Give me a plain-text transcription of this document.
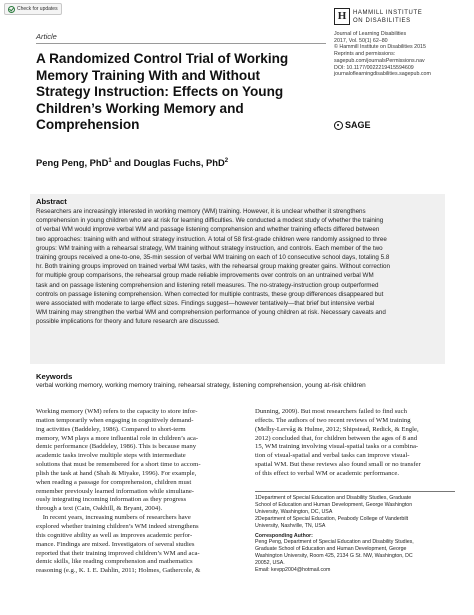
Check for updates
Article
H	HAMMILL INSTITUTE
ON DISABILITIES
Journal of Learning Disabilities
2017, Vol. 50(1) 62–80
© Hammill Institute on Disabilities 2015
Reprints and permissions:
sagepub.com/journalsPermissions.nav
DOI: 10.1177/0022219415594609
journaloflearningdisabilities.sagepub.com
SAGE
A Randomized Control Trial of Working
Memory Training With and Without
Strategy Instruction: Effects on Young
Children’s Working Memory and
Comprehension
Peng Peng, PhD$^1$ and Douglas Fuchs, PhD$^2$
Abstract
Researchers are increasingly interested in working memory (WM) training. However, it is unclear whether it strengthens
comprehension in young children who are at risk for learning difficulties. We conducted a modest study of whether the training
of verbal WM would improve verbal WM and passage listening comprehension and whether training effects differed between
two approaches: training with and without strategy instruction. A total of 58 first-grade children were randomly assigned to three
groups: WM training with a rehearsal strategy, WM training without strategy instruction, and controls. Each member of the two
training groups received a one-to-one, 35-min session of verbal WM training on each of 10 consecutive school days, totaling 5.8
hr. Both training groups improved on trained verbal WM tasks, with the rehearsal group making greater gains. Without correction
for multiple group comparisons, the rehearsal group made reliable improvements over controls on an untrained verbal WM
task and on passage listening comprehension and listening retell measures. The no-strategy-instruction group outperformed
controls on passage listening comprehension. When corrected for multiple contrasts, these group differences disappeared but
were associated with moderate to large effect sizes. Findings suggest—however tentatively—that brief but intensive verbal
WM training may strengthen the verbal WM and comprehension performance of young children at risk. Necessary caveats and
possible implications for theory and future research are discussed.
Keywords
verbal working memory, working memory training, rehearsal strategy, listening comprehension, young at-risk children
Working memory (WM) refers to the capacity to store infor-
mation temporarily when engaging in cognitively demand-
ing activities (Baddeley, 1986). Compared to short-term
memory, WM plays a more influential role in children’s aca-
demic performance (Baddeley, 1986). This is because many
academic tasks involve multiple steps with intermediate
solutions that must be remembered for a short time to accom-
plish the task at hand (Shah & Miyake, 1996). For example,
when reading a passage for comprehension, children must
remember previously learned information while simultane-
ously integrating incoming information as they progress
through a text (Cain, Oakhill, & Bryant, 2004).
In recent years, increasing numbers of researchers have
explored whether training children’s WM indeed strengthens
this cognitive ability as well as improves academic perfor-
mance. Findings are mixed. Investigators of several studies
reported that their training improved children’s WM and aca-
demic skills, like reading comprehension and mathematics
reasoning (e.g., K. I. E. Dahlin, 2011; Holmes, Gathercole, &
Dunning, 2009). But most researchers failed to find such
effects. The authors of two recent reviews of WM training
(Melby-Lervåg & Hulme, 2012; Shipstead, Redick, & Engle,
2012) concluded that, for children between the ages of 8 and
15, WM training involving visual-spatial tasks or a combina-
tion of visual-spatial and verbal tasks can improve visual-
spatial WM. But these reviews also found small or no transfer
of this effect to verbal WM or academic performance.
1Department of Special Education and Disability Studies, Graduate
School of Education and Human Development, George Washington
University, Washington, DC, USA
2Department of Special Education, Peabody College of Vanderbilt
University, Nashville, TN, USA
Corresponding Author:
Peng Peng, Department of Special Education and Disability Studies,
Graduate School of Education and Human Development, George
Washington University, Room 425, 2134 G St. NW, Washington, DC
20052, USA.
Email: kevpp2004@hotmail.com
